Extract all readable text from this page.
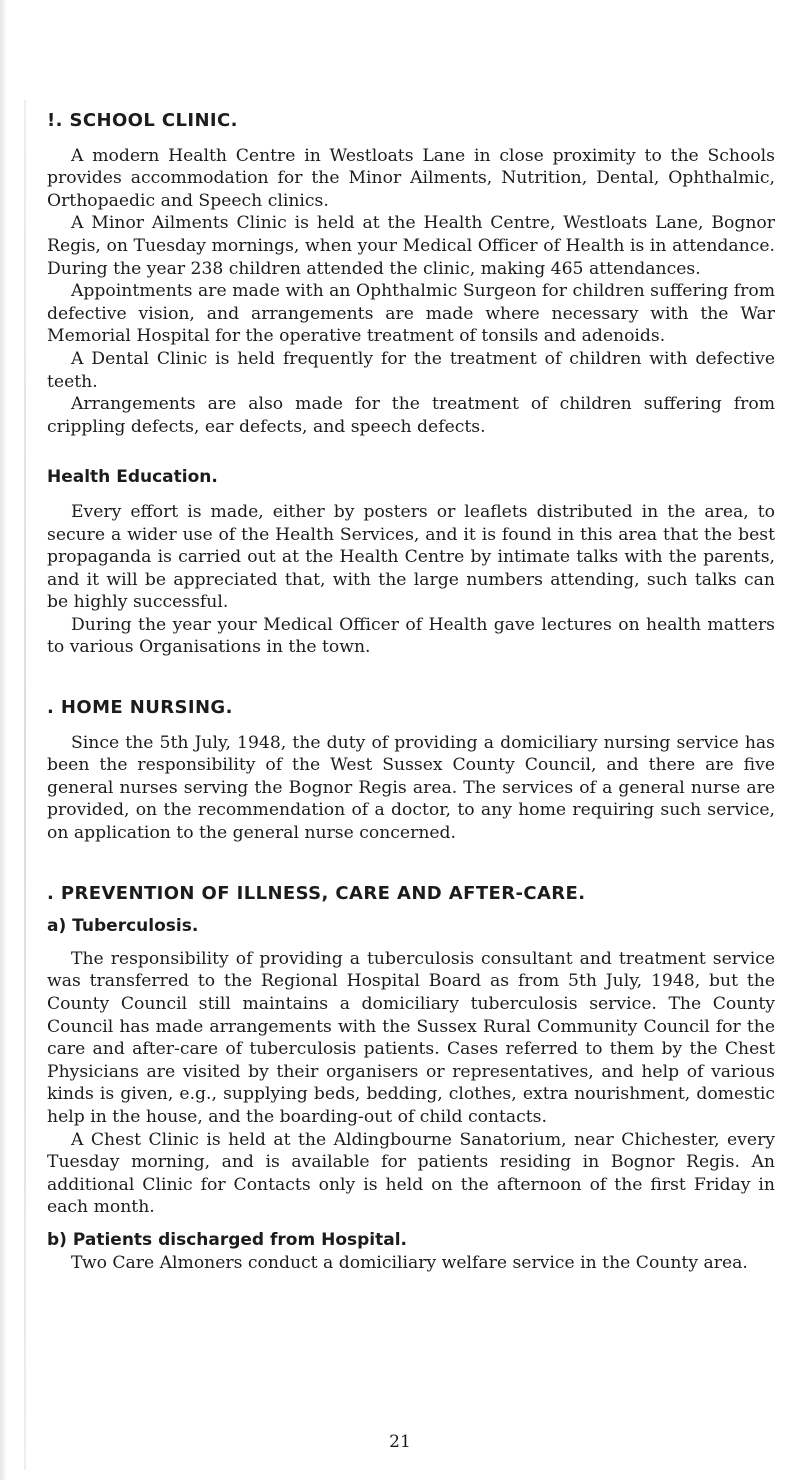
!. SCHOOL CLINIC.

A modern Health Centre in Westloats Lane in close proximity to the Schools provides accommodation for the Minor Ailments, Nutrition, Dental, Ophthalmic, Orthopaedic and Speech clinics.

A Minor Ailments Clinic is held at the Health Centre, Westloats Lane, Bognor Regis, on Tuesday mornings, when your Medical Officer of Health is in attendance. During the year 238 children attended the clinic, making 465 attendances.

Appointments are made with an Ophthalmic Surgeon for children suffering from defective vision, and arrangements are made where necessary with the War Memorial Hospital for the operative treatment of tonsils and adenoids.

A Dental Clinic is held frequently for the treatment of children with defective teeth.

Arrangements are also made for the treatment of children suffering from crippling defects, ear defects, and speech defects.

Health Education.

Every effort is made, either by posters or leaflets distributed in the area, to secure a wider use of the Health Services, and it is found in this area that the best propaganda is carried out at the Health Centre by intimate talks with the parents, and it will be appreciated that, with the large numbers attending, such talks can be highly successful.

During the year your Medical Officer of Health gave lectures on health matters to various Organisations in the town.

. HOME NURSING.

Since the 5th July, 1948, the duty of providing a domiciliary nursing service has been the responsibility of the West Sussex County Council, and there are five general nurses serving the Bognor Regis area. The services of a general nurse are provided, on the recommendation of a doctor, to any home requiring such service, on application to the general nurse concerned.

. PREVENTION OF ILLNESS, CARE AND AFTER-CARE.
a) Tuberculosis.

The responsibility of providing a tuberculosis consultant and treatment service was transferred to the Regional Hospital Board as from 5th July, 1948, but the County Council still maintains a domiciliary tuberculosis service. The County Council has made arrangements with the Sussex Rural Community Council for the care and after-care of tuberculosis patients. Cases referred to them by the Chest Physicians are visited by their organisers or representatives, and help of various kinds is given, e.g., supplying beds, bedding, clothes, extra nourishment, domestic help in the house, and the boarding-out of child contacts.

A Chest Clinic is held at the Aldingbourne Sanatorium, near Chichester, every Tuesday morning, and is available for patients residing in Bognor Regis. An additional Clinic for Contacts only is held on the afternoon of the first Friday in each month.

b) Patients discharged from Hospital.

Two Care Almoners conduct a domiciliary welfare service in the County area.

21
